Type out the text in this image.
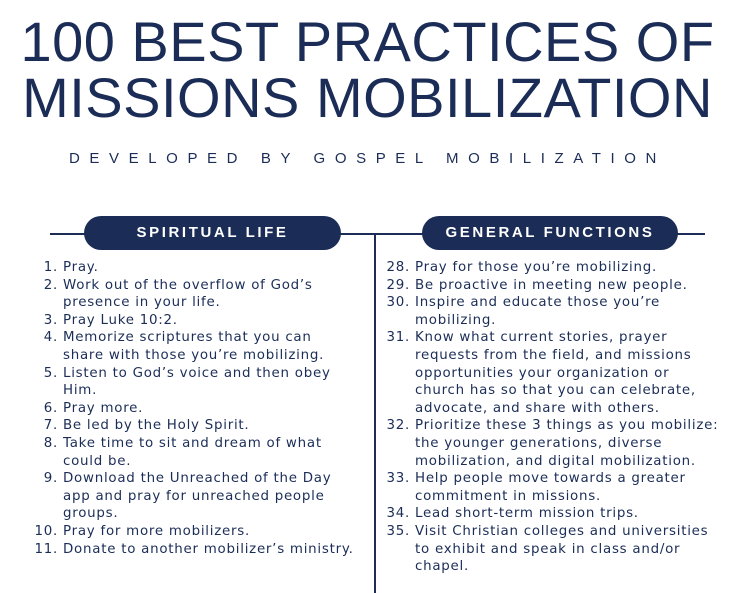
100 BEST PRACTICES OF
MISSIONS MOBILIZATION
DEVELOPED BY GOSPEL MOBILIZATION
SPIRITUAL LIFE	GENERAL FUNCTIONS
1. Pray.
2. Work out of the overflow of God’s presence in your life.
3. Pray Luke 10:2.
4. Memorize scriptures that you can share with those you’re mobilizing.
5. Listen to God’s voice and then obey Him.
6. Pray more.
7. Be led by the Holy Spirit.
8. Take time to sit and dream of what could be.
9. Download the Unreached of the Day app and pray for unreached people groups.
10. Pray for more mobilizers.
11. Donate to another mobilizer’s ministry.
28. Pray for those you’re mobilizing.
29. Be proactive in meeting new people.
30. Inspire and educate those you’re mobilizing.
31. Know what current stories, prayer requests from the field, and missions opportunities your organization or church has so that you can celebrate, advocate, and share with others.
32. Prioritize these 3 things as you mobilize: the younger generations, diverse mobilization, and digital mobilization.
33. Help people move towards a greater commitment in missions.
34. Lead short-term mission trips.
35. Visit Christian colleges and universities to exhibit and speak in class and/or chapel.
